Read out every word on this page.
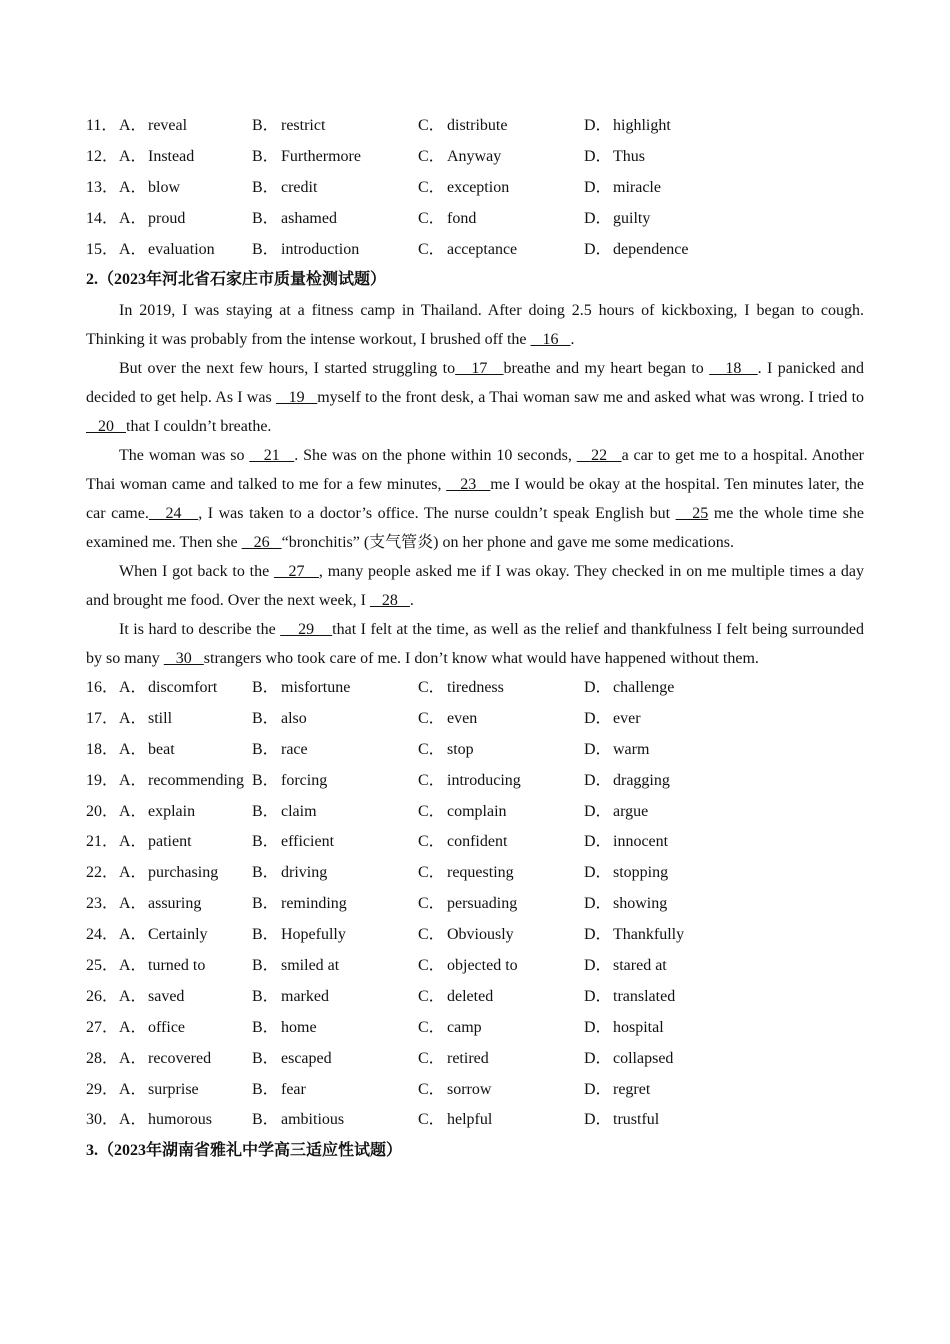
11． A．reveal	B． restrict	C． distribute	D．highlight
12． A．Instead	B． Furthermore	C． Anyway	D．Thus
13． A．blow	B． credit	C． exception	D．miracle
14． A．proud	B． ashamed	C． fond	D．guilty
15． A．evaluation	B． introduction	C． acceptance	D．dependence
2.（2023年河北省石家庄市质量检测试题）

In 2019, I was staying at a fitness camp in Thailand. After doing 2.5 hours of kickboxing, I began to cough. Thinking it was probably from the intense workout, I brushed off the    16   .

But over the next few hours, I started struggling to   17   breathe and my heart began to    18   . I panicked and decided to get help. As I was    19   myself to the front desk, a Thai woman saw me and asked what was wrong. I tried to    20   that I couldn’t breathe.

The woman was so    21   . She was on the phone within 10 seconds,    22   a car to get me to a hospital. Another Thai woman came and talked to me for a few minutes,    23   me I would be okay at the hospital. Ten minutes later, the car came.   24   , I was taken to a doctor’s office. The nurse couldn’t speak English but    25 me the whole time she examined me. Then she    26   “bronchitis” (支气管炎) on her phone and gave me some medications.

When I got back to the    27   , many people asked me if I was okay. They checked in on me multiple times a day and brought me food. Over the next week, I    28   .

It is hard to describe the     29    that I felt at the time, as well as the relief and thankfulness I felt being surrounded by so many    30   strangers who took care of me. I don’t know what would have happened without them.

16． A．discomfort	B． misfortune	C． tiredness	D．challenge
17． A．still	B． also	C． even	D．ever
18． A．beat	B． race	C． stop	D．warm
19． A．recommending B． forcing	C． introducing	D．dragging
20． A．explain	B． claim	C． complain	D．argue
21． A．patient	B． efficient	C． confident	D．innocent
22． A．purchasing	B． driving	C． requesting	D．stopping
23． A．assuring	B． reminding	C． persuading	D．showing
24． A．Certainly	B． Hopefully	C． Obviously	D．Thankfully
25． A．turned to	B． smiled at	C． objected to	D．stared at
26． A．saved	B． marked	C． deleted	D．translated
27． A．office	B． home	C． camp	D．hospital
28． A．recovered	B． escaped	C． retired	D．collapsed
29． A．surprise	B． fear	C． sorrow	D．regret
30． A．humorous	B． ambitious	C． helpful	D．trustful
3.（2023年湖南省雅礼中学高三适应性试题）
